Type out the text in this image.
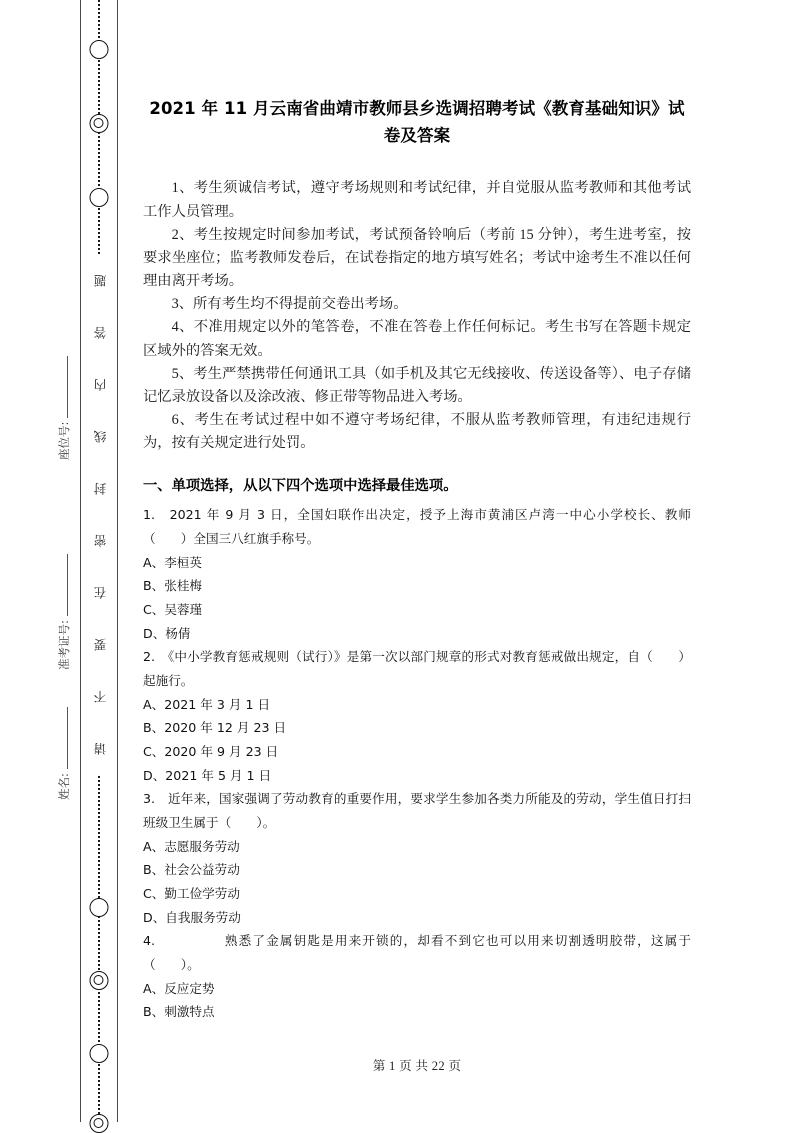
座位号:
准考证号:
姓名:
题
答
内
线
封
密
在
要
不
请
2021 年 11 月云南省曲靖市教师县乡选调招聘考试《教育基础知识》试卷及答案

1、考生须诚信考试，遵守考场规则和考试纪律，并自觉服从监考教师和其他考试工作人员管理。

2、考生按规定时间参加考试，考试预备铃响后（考前 15 分钟），考生进考室，按要求坐座位；监考教师发卷后，在试卷指定的地方填写姓名；考试中途考生不准以任何理由离开考场。

3、所有考生均不得提前交卷出考场。

4、不准用规定以外的笔答卷，不准在答卷上作任何标记。考生书写在答题卡规定区域外的答案无效。

5、考生严禁携带任何通讯工具（如手机及其它无线接收、传送设备等）、电子存储记忆录放设备以及涂改液、修正带等物品进入考场。

6、考生在考试过程中如不遵守考场纪律，不服从监考教师管理，有违纪违规行为，按有关规定进行处罚。

一、单项选择，从以下四个选项中选择最佳选项。

1.　2021 年 9 月 3 日，全国妇联作出决定，授予上海市黄浦区卢湾一中心小学校长、教师（　　）全国三八红旗手称号。

A、李桓英

B、张桂梅

C、吴蓉瑾

D、杨倩

2.　《中小学教育惩戒规则（试行）》是第一次以部门规章的形式对教育惩戒做出规定，自（　　）起施行。

A、2021 年 3 月 1 日

B、2020 年 12 月 23 日

C、2020 年 9 月 23 日

D、2021 年 5 月 1 日

3.　近年来，国家强调了劳动教育的重要作用，要求学生参加各类力所能及的劳动，学生值日打扫班级卫生属于（　　）。

A、志愿服务劳动

B、社会公益劳动

C、勤工俭学劳动

D、自我服务劳动

4.　　　　　熟悉了金属钥匙是用来开锁的，却看不到它也可以用来切割透明胶带，这属于（　　）。

A、反应定势

B、刺激特点

第 1 页 共 22 页
